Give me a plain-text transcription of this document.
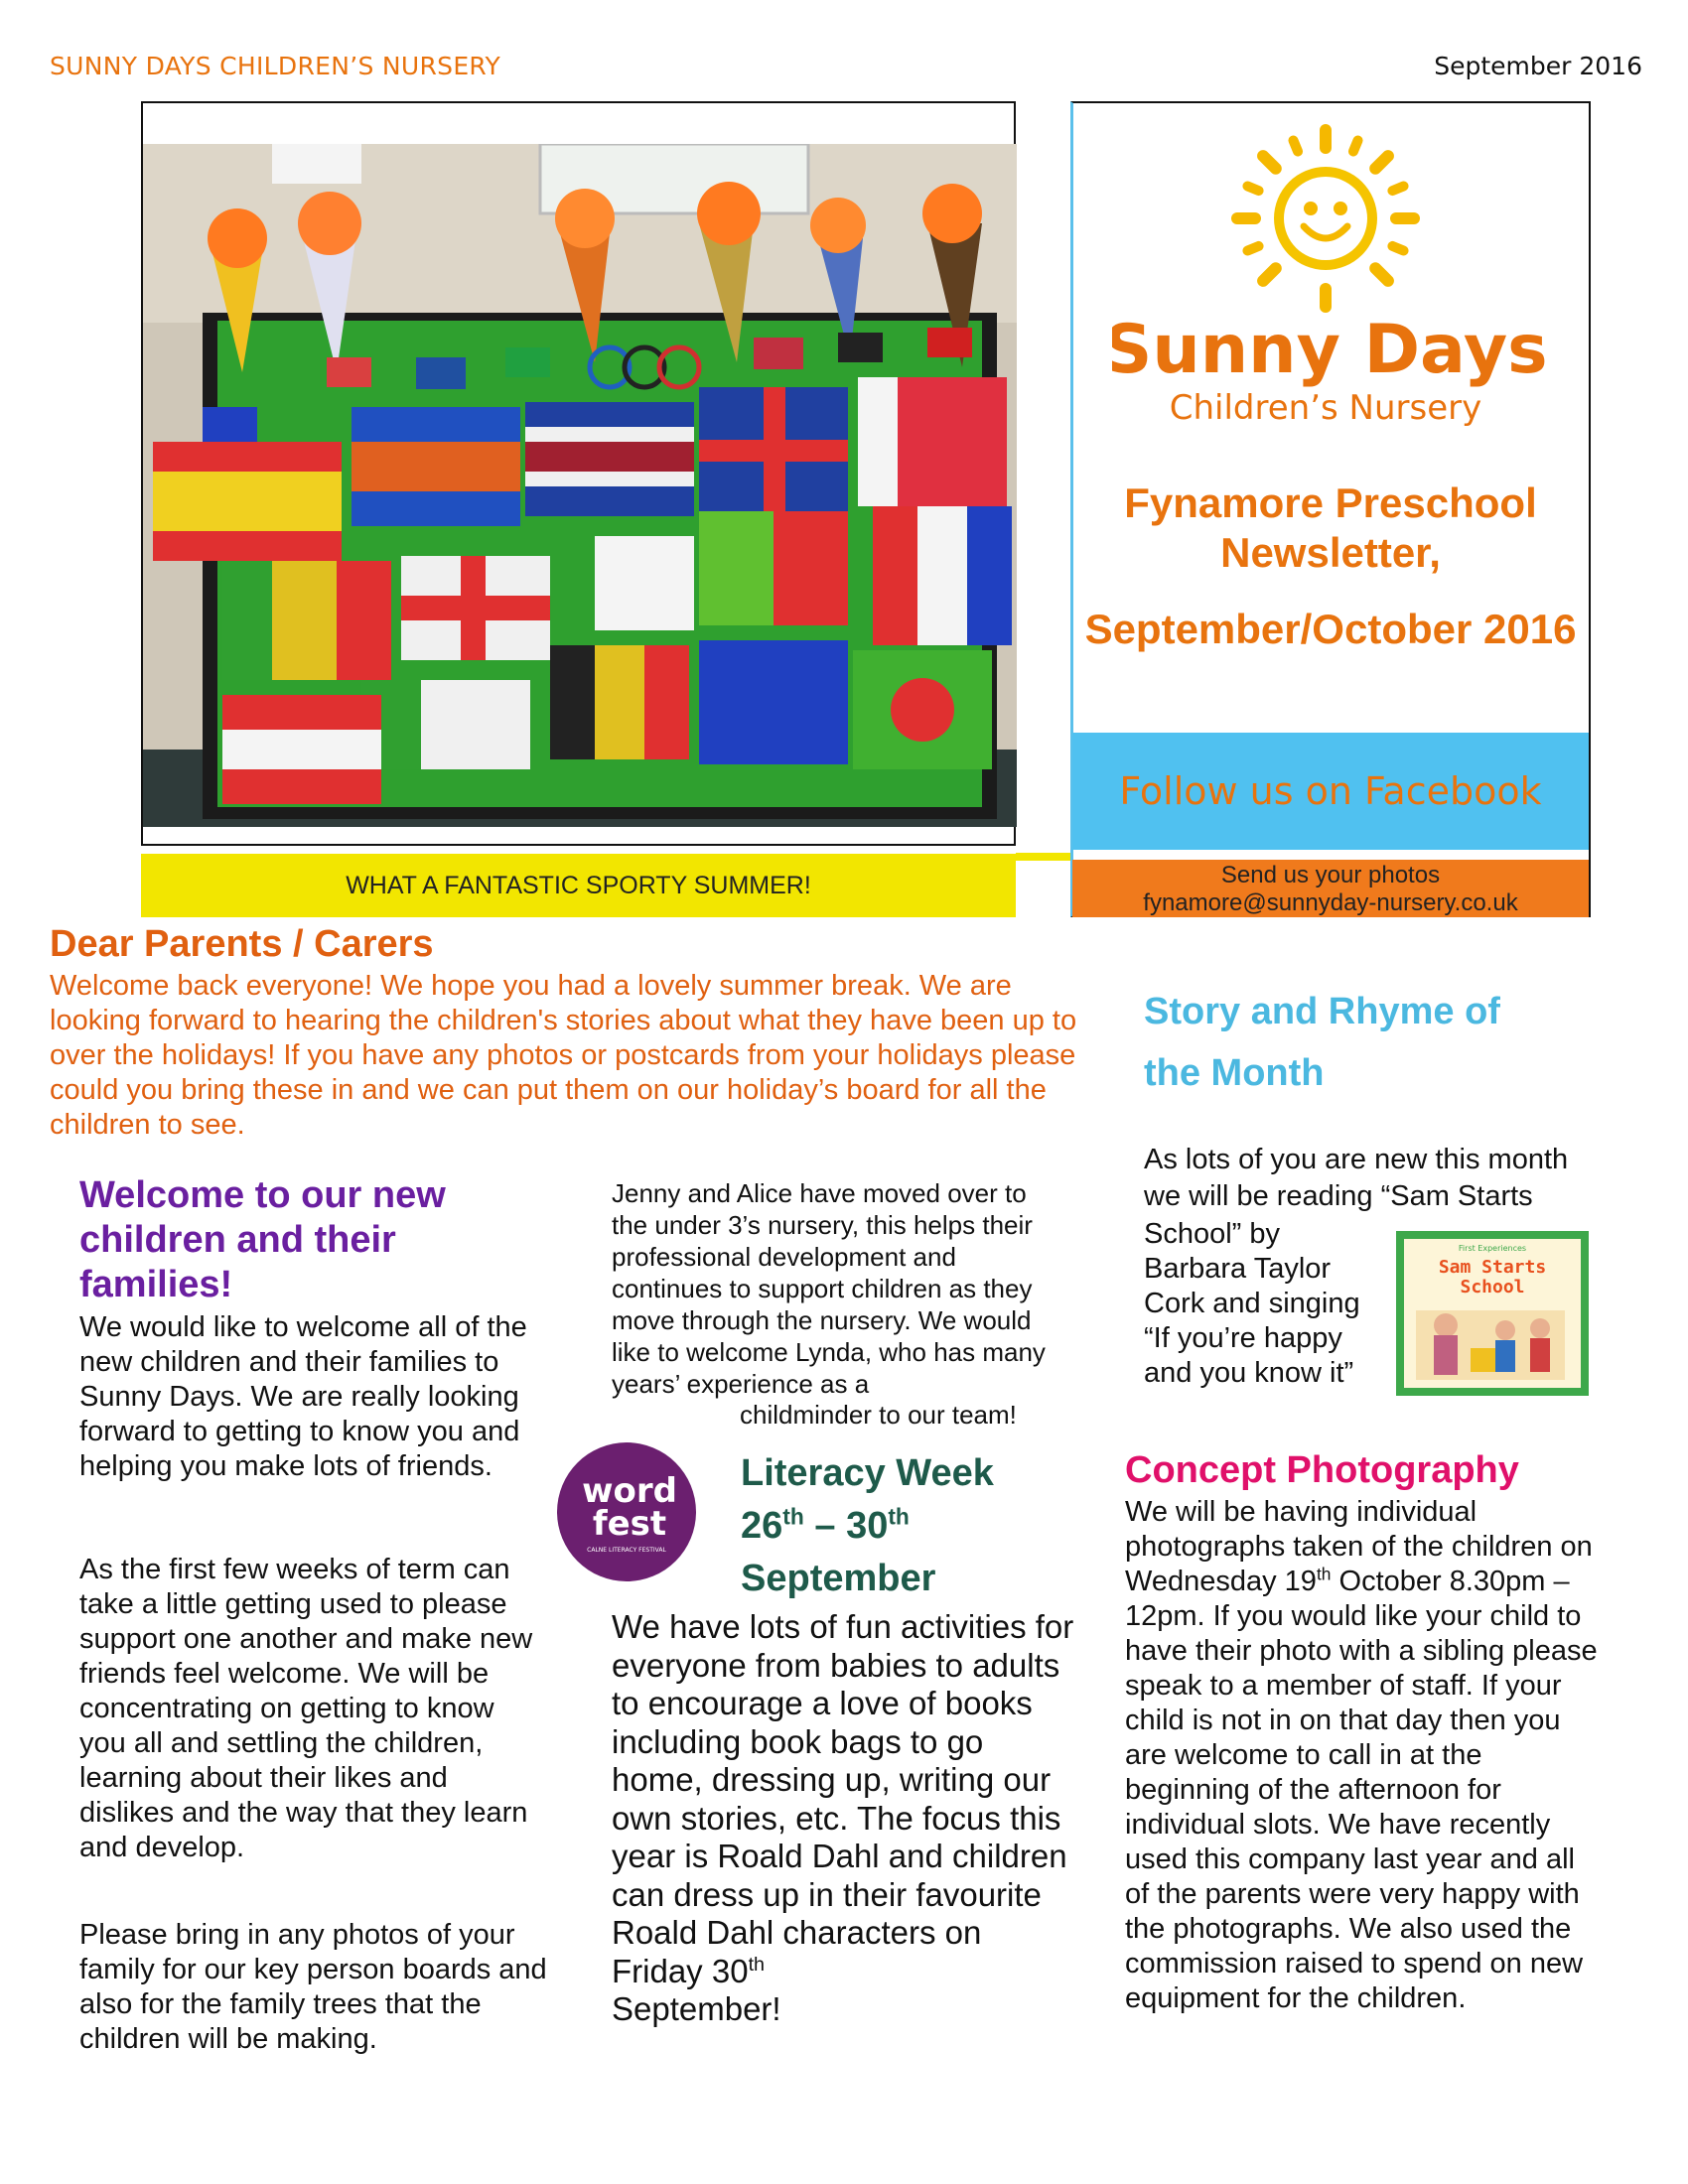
SUNNY DAYS CHILDREN’S NURSERY	September 2016
WHAT A FANTASTIC SPORTY SUMMER!
Sunny Days
Children’s Nursery
Fynamore Preschool Newsletter,
September/October 2016
Follow us on Facebook
Send us your photos
fynamore@sunnyday-nursery.co.uk
Dear Parents / Carers
Welcome back everyone! We hope you had a lovely summer break. We are looking forward to hearing the children's stories about what they have been up to over the holidays! If you have any photos or postcards from your holidays please could you bring these in and we can put them on our holiday’s board for all the children to see.
Welcome to our new children and their families!
We would like to welcome all of the new children and their families to Sunny Days. We are really looking forward to getting to know you and helping you make lots of friends.
As the first few weeks of term can take a little getting used to please support one another and make new friends feel welcome. We will be concentrating on getting to know you all and settling the children, learning about their likes and dislikes and the way that they learn and develop.
Please bring in any photos of your family for our key person boards and also for the family trees that the children will be making.
Jenny and Alice have moved over to the under 3’s nursery, this helps their professional development and continues to support children as they move through the nursery. We would like to welcome Lynda, who has many years’ experience as a
childminder to our team!
word
fest
CALNE LITERACY FESTIVAL
Literacy Week
26th – 30th
September
We have lots of fun activities for everyone from babies to adults to encourage a love of books including book bags to go home, dressing up, writing our own stories, etc. The focus this year is Roald Dahl and children can dress up in their favourite Roald Dahl characters on Friday 30th
September!
Story and Rhyme of the Month
As lots of you are new this month we will be reading “Sam Starts
School” by Barbara Taylor Cork and singing “If you’re happy and you know it”
First Experiences
Sam Starts
School
Concept Photography
We will be having individual photographs taken of the children on Wednesday 19th October 8.30pm – 12pm. If you would like your child to have their photo with a sibling please speak to a member of staff. If your child is not in on that day then you are welcome to call in at the beginning of the afternoon for individual slots. We have recently used this company last year and all of the parents were very happy with the photographs. We also used the commission raised to spend on new equipment for the children.
